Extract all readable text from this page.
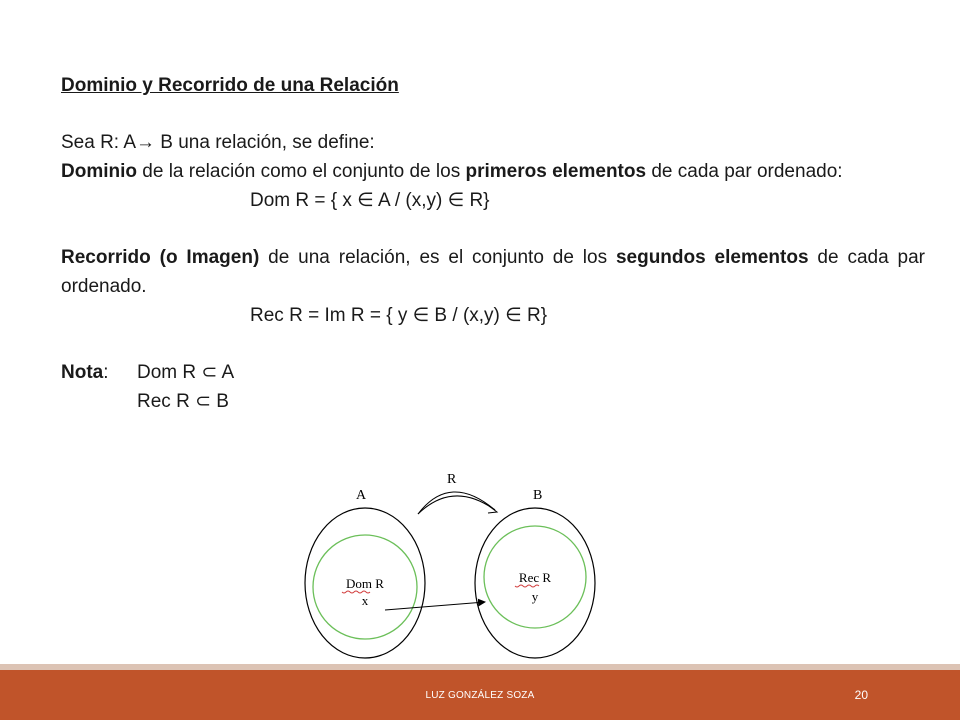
Dominio y Recorrido de una Relación

Sea R: A→ B una relación, se define:

Dominio de la relación como el conjunto de los primeros elementos de cada par ordenado:

Dom R = { x ∈ A / (x,y) ∈ R}

Recorrido (o Imagen) de una relación, es el conjunto de los segundos elementos de cada par ordenado.

Rec R = Im R = { y ∈ B / (x,y) ∈ R}

Nota:	Dom R ⊂ A

Rec R ⊂ B

R
A	B
Dom R
x
Rec R
y
LUZ GONZÁLEZ SOZA	20
